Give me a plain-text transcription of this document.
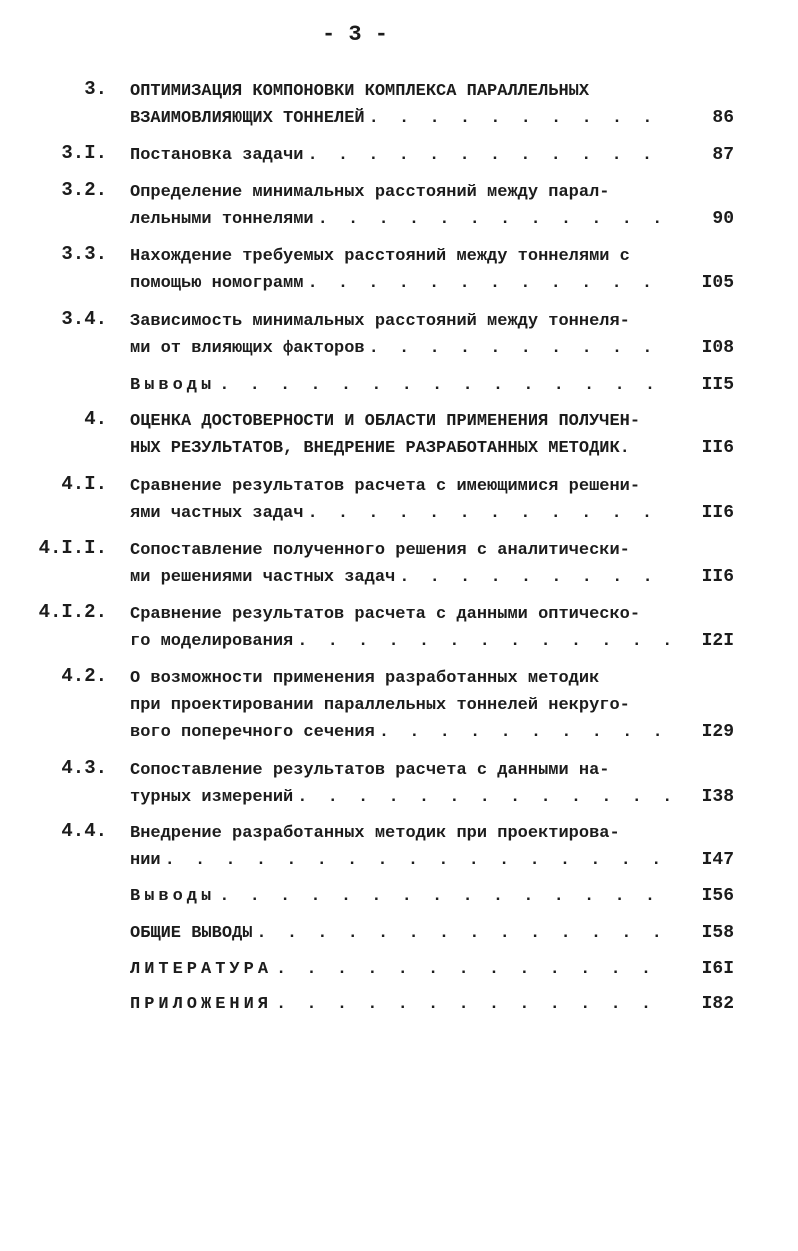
- 3 -
3. ОПТИМИЗАЦИЯ КОМПОНОВКИ КОМПЛЕКСА ПАРАЛЛЕЛЬНЫХ
ВЗАИМОВЛИЯЮЩИХ ТОННЕЛЕЙ . . .	86
3.I. Постановка задачи . . .	87
3.2. Определение минимальных расстояний между парал-
лельными тоннелями . . .	90
3.3. Нахождение требуемых расстояний между тоннелями с
помощью номограмм . . .	I05
3.4. Зависимость минимальных расстояний между тоннеля-
ми от влияющих факторов . . .	I08
Выводы . . .	II5
4. ОЦЕНКА ДОСТОВЕРНОСТИ И ОБЛАСТИ ПРИМЕНЕНИЯ ПОЛУЧЕН-
НЫХ РЕЗУЛЬТАТОВ, ВНЕДРЕНИЕ РАЗРАБОТАННЫХ МЕТОДИК.	II6
4.I. Сравнение результатов расчета с имеющимися решени-
ями частных задач . . .	II6
4.I.I. Сопоставление полученного решения с аналитически-
ми решениями частных задач . . .	II6
4.I.2. Сравнение результатов расчета с данными оптическо-
го моделирования . . .	I2I
4.2. О возможности применения разработанных методик
при проектировании параллельных тоннелей некруго-
вого поперечного сечения . . .	I29
4.3. Сопоставление результатов расчета с данными на-
турных измерений . . .	I38
4.4. Внедрение разработанных методик при проектирова-
нии . . .	I47
Выводы . . .	I56
ОБЩИЕ ВЫВОДЫ . . .	I58
ЛИТЕРАТУРА . . .	I6I
ПРИЛОЖЕНИЯ . . .	I82
